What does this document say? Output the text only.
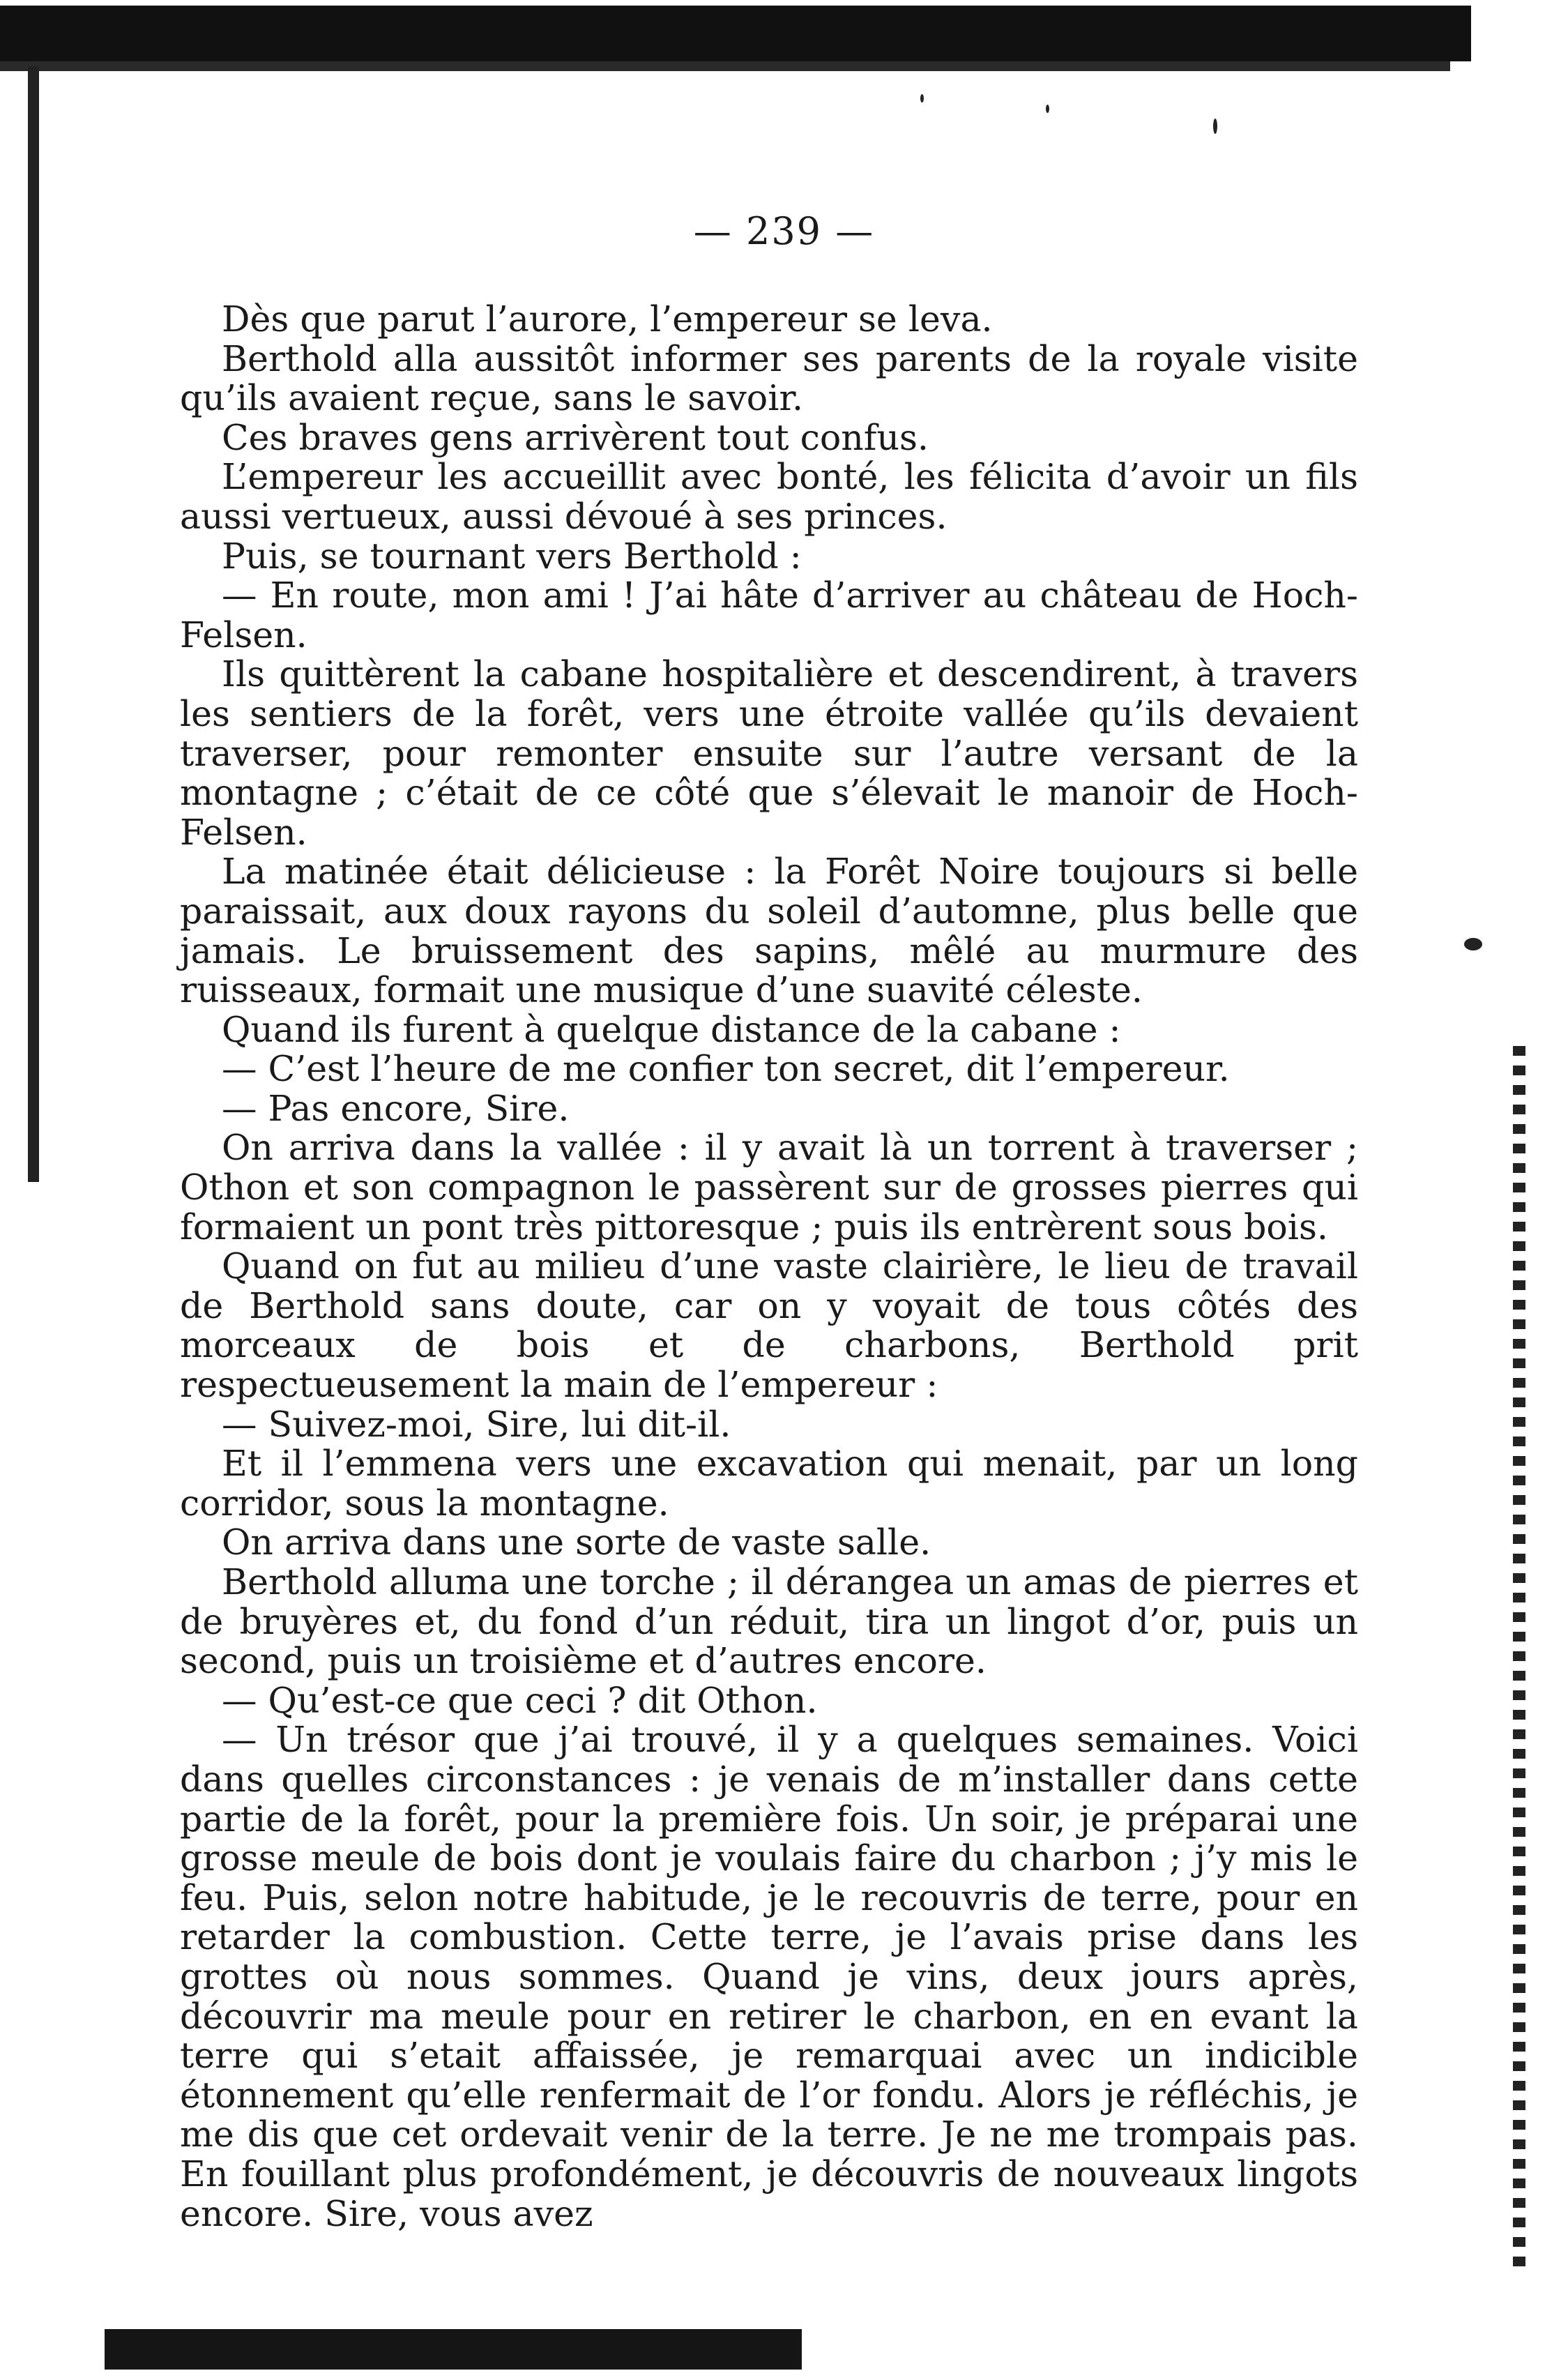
— 239 —

Dès que parut l’aurore, l’empereur se leva.

Berthold alla aussitôt informer ses parents de la royale visite qu’ils avaient reçue, sans le savoir.

Ces braves gens arrivèrent tout confus.

L’empereur les accueillit avec bonté, les félicita d’avoir un fils aussi vertueux, aussi dévoué à ses princes.

Puis, se tournant vers Berthold :

— En route, mon ami ! J’ai hâte d’arriver au château de Hoch-Felsen.

Ils quittèrent la cabane hospitalière et descendirent, à travers les sentiers de la forêt, vers une étroite vallée qu’ils devaient traverser, pour remonter ensuite sur l’autre versant de la montagne ; c’était de ce côté que s’élevait le manoir de Hoch-Felsen.

La matinée était délicieuse : la Forêt Noire toujours si belle paraissait, aux doux rayons du soleil d’automne, plus belle que jamais. Le bruissement des sapins, mêlé au murmure des ruisseaux, formait une musique d’une suavité céleste.

Quand ils furent à quelque distance de la cabane :

— C’est l’heure de me confier ton secret, dit l’empereur.

— Pas encore, Sire.

On arriva dans la vallée : il y avait là un torrent à traverser ; Othon et son compagnon le passèrent sur de grosses pierres qui formaient un pont très pittoresque ; puis ils entrèrent sous bois.

Quand on fut au milieu d’une vaste clairière, le lieu de travail de Berthold sans doute, car on y voyait de tous côtés des morceaux de bois et de charbons, Berthold prit respectueusement la main de l’empereur :

— Suivez-moi, Sire, lui dit-il.

Et il l’emmena vers une excavation qui menait, par un long corridor, sous la montagne.

On arriva dans une sorte de vaste salle.

Berthold alluma une torche ; il dérangea un amas de pierres et de bruyères et, du fond d’un réduit, tira un lingot d’or, puis un second, puis un troisième et d’autres encore.

— Qu’est-ce que ceci ? dit Othon.

— Un trésor que j’ai trouvé, il y a quelques semaines. Voici dans quelles circonstances : je venais de m’installer dans cette partie de la forêt, pour la première fois. Un soir, je préparai une grosse meule de bois dont je voulais faire du charbon ; j’y mis le feu. Puis, selon notre habitude, je le recouvris de terre, pour en retarder la combustion. Cette terre, je l’avais prise dans les grottes où nous sommes. Quand je vins, deux jours après, découvrir ma meule pour en retirer le charbon, en en evant la terre qui s’etait affaissée, je remarquai avec un indicible étonnement qu’elle renfermait de l’or fondu. Alors je réfléchis, je me dis que cet ordevait venir de la terre. Je ne me trompais pas. En fouillant plus profondément, je découvris de nouveaux lingots encore. Sire, vous avez
